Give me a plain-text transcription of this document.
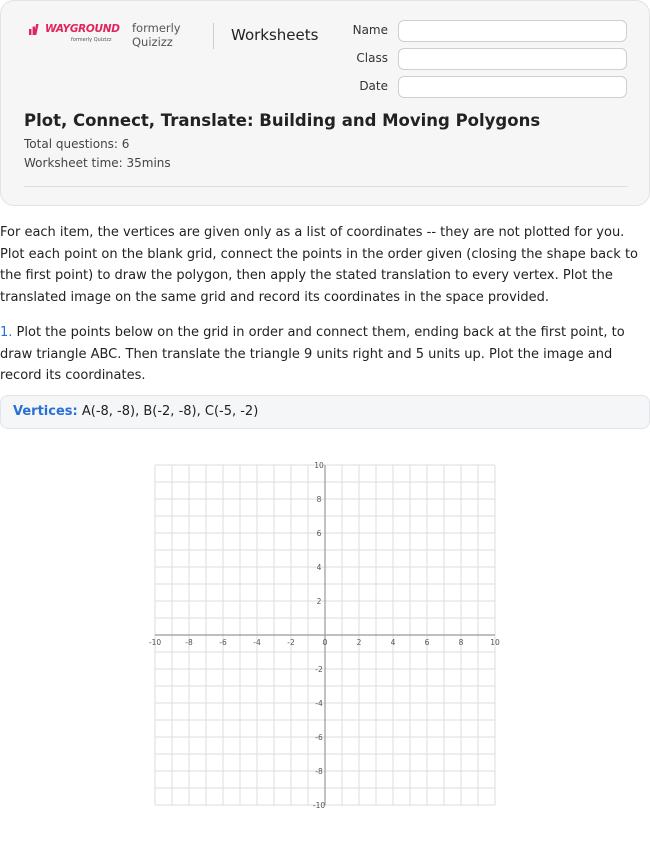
WAYGROUND
formerly Quizizz
formerly
Quizizz	Worksheets	Name
Class
Date
Plot, Connect, Translate: Building and Moving Polygons
Total questions: 6
Worksheet time: 35mins
For each item, the vertices are given only as a list of coordinates -- they are not plotted for you. Plot each point on the blank grid, connect the points in the order given (closing the shape back to the first point) to draw the polygon, then apply the stated translation to every vertex. Plot the translated image on the same grid and record its coordinates in the space provided.
1. Plot the points below on the grid in order and connect them, ending back at the first point, to draw triangle ABC. Then translate the triangle 9 units right and 5 units up. Plot the image and record its coordinates.
Vertices: A(-8, -8), B(-2, -8), C(-5, -2)
-10	-8	-6	-4	-2	0	2	4	6	8	10
10
8
6
4
2
-2
-4
-6
-8
-10
